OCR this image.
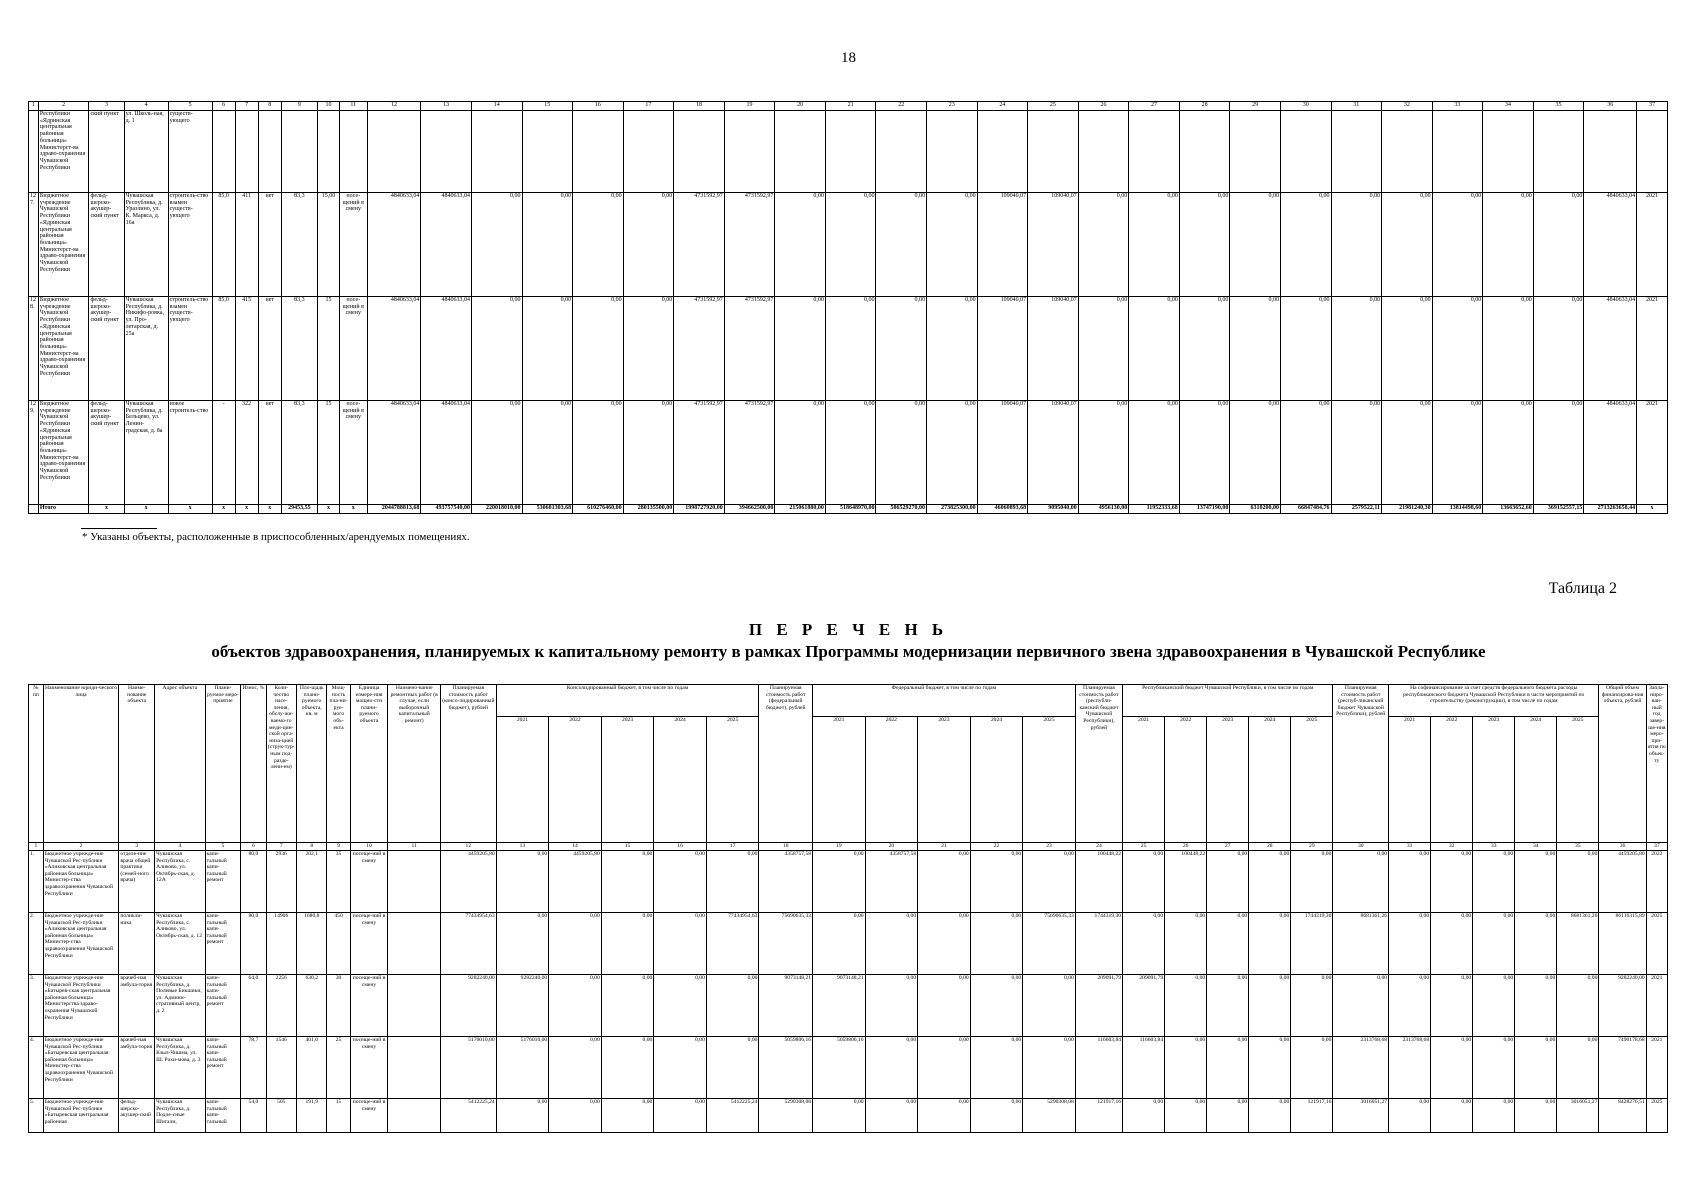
18
1	2	3	4	5	6	7	8	9	10	11	12	13	14	15	16	17	18	19	20	21	22	23	24	25	26	27	28	29	30	31	32	33	34	35	36	37
	Республики «Ядринская центральная районная больница» Министерст-ва здраво-охранения Чувашской Республики	ский пункт	ул. Школь-ная, д. 1	существ-ующего																																
127.	Бюджетное учреждение Чувашской Республики «Ядринская центральная районная больница» Министерст-ва здраво-охранения Чувашской Республики	фельд-шерско-акушер-ский пункт	Чувашская Республика, д. Уразлино, ул. К. Маркса, д. 16а	строитель-ство взамен существ-ующего	85,0	411	нет	83,3	15,00	посе-щений в смену	4840633,04	4840633,04	0,00	0,00	0,00	0,00	4731592,97	4731592,97	0,00	0,00	0,00	0,00	109040,07	109040,07	0,00	0,00	0,00	0,00	0,00	0,00	0,00	0,00	0,00	0,00	4840633,04	2021
128.	Бюджетное учреждение Чувашской Республики «Ядринская центральная районная больница» Министерст-ва здраво-охранения Чувашской Республики	фельд-шерско-акушер-ский пункт	Чувашская Республика, д. Никифо-ровка, ул. Про-летарская, д. 25а	строитель-ство взамен существ-ующего	85,0	415	нет	83,3	15	посе-щений в смену	4840633,04	4840633,04	0,00	0,00	0,00	0,00	4731592,97	4731592,97	0,00	0,00	0,00	0,00	109040,07	109040,07	0,00	0,00	0,00	0,00	0,00	0,00	0,00	0,00	0,00	0,00	4840633,04	2021
129.	Бюджетное учреждение Чувашской Республики «Ядринская центральная районная больница» Министерст-ва здраво-охранения Чувашской Республики	фельд-шерско-акушер-ский пункт	Чувашская Республика, д. Бельцево, ул. Ленин-градская, д. 8а	новое строитель-ство	-	322	нет	83,3	15	посе-щений в смену	4840633,04	4840633,04	0,00	0,00	0,00	0,00	4731592,97	4731592,97	0,00	0,00	0,00	0,00	109040,07	109040,07	0,00	0,00	0,00	0,00	0,00	0,00	0,00	0,00	0,00	0,00	4840633,04	2021
	Итого	х	х	х	х	х	х	29453,55	х	х	2044788813,68	493757540,00	220018010,00	530601303,68	610276460,00	280135500,00	1998727920,00	394662500,00	215061880,00	518648970,00	586529270,00	273825300,00	46060893,68	9095040,00	4956130,00	11952333,68	13747190,00	6310200,00	66847484,76	2579522,11	21981240,30	13814498,60	13663652,60	369152557,15	2713263658,44	х
* Указаны объекты, расположенные в приспособленных/арендуемых помещениях.
Таблица 2
П Е Р Е Ч Е Н Ь
объектов здравоохранения, планируемых к капитальному ремонту в рамках Программы модернизации первичного звена здравоохранения в Чувашской Республике
№ пп	Наименование юриди-ческого лица	Наиме-нование объекта	Адрес объекта	Плани-руемое меро-приятие	Износ, %	Коли-чество насе-ления, обслу-жи-ваемо-го меди-цин-ской орга-низа-цией (струк-тур-ным под-разде-лени-ем)	Пло-щадь плани-руемого объекта, кв. м	Мощ-ность пла-ни-руе-мого объ-екта	Единица измере-ния мощно-сти плани-руемого объекта	Наимено-вание ремонтных работ (в случае, если выборочный капитальный ремонт)	Планируемая стоимость работ (консо-лидированный бюджет), рублей	Консолидированный бюджет, в том числе по годам					Планируемая стоимость работ (федеральный бюджет), рублей	Федеральный бюджет, в том числе по годам					Планируемая стоимость работ (республи-канский бюджет Чувашской Республики), рублей	Республиканский бюджет Чувашской Республики, в том числе по годам					Планируемая стоимость работ (респуб-ликанский бюджет Чувашской Республики), рублей	На софинансирование за счет средств федерального бюджета расходы республиканского бюджета Чувашской Республики в части мероприятий по строительству (реконструкции), в том числе по годам					Общий объем финансирова-ния объекта, рублей	Запла-ниро-ван-ный год завер-ше-ния меро-при-ятия по объек-ту
												2021	2022	2023	2024	2025		2021	2022	2023	2024	2025		2021	2022	2023	2024	2025		2021	2022	2023	2024	2025		
1	2	3	4	5	6	7	8	9	10	11	12	13	14	15	16	17	18	19	20	21	22	23	24	25	26	27	28	29	30	31	32	33	34	35	36	37
1.	Бюджетное учрежде-ние Чувашской Рес-публики «Аликовская центральная районная больница» Министер-ства здравоохранения Чувашской Республики	отделе-ние врача общей практики (семей-ного врача)	Чувашская Республика, с. Аликово, ул. Октябрь-ская, д. 12А	капи-тальный капи-тальный ремонт	80,0	2936	202,1	35	посеще-ний в смену		4459205,80	0,00	4459205,80	0,00	0,00	0,00	4358757,58	0,00	4358757,58	0,00	0,00	0,00	100448,22	0,00	100448,22	0,00	0,00	0,00	0,00	0,00	0,00	0,00	0,00	0,00	4459205,80	2022
2.	Бюджетное учрежде-ние Чувашской Рес-публики «Аликовская центральная районная больница» Министер-ства здравоохранения Чувашской Республики	поликли-ника	Чувашская Республика, с. Аликово, ул. Октябрь-ская, д. 12	капи-тальный капи-тальный ремонт	80,0	14906	1680,8	450	посеще-ний в смену		77434954,63	0,00	0,00	0,00	0,00	77434954,63	75690635,33	0,00	0,00	0,00	0,00	75690635,33	1744319,30	0,00	0,00	0,00	0,00	1744319,30	8681361,26	0,00	0,00	0,00	0,00	8681361,26	86116315,89	2025
3.	Бюджетное учрежде-ние Чувашской Республики «Батырев-ская центральная районная больница» Министерства здраво-охранения Чувашской Республики	врачеб-ная амбула-тория	Чувашская Республика, д. Полевые Бикшики, ул. Админи-стративный центр, д. 2	капи-тальный капи-тальный ремонт	64,0	2256	630,2	30	посеще-ний в смену		9282240,00	9282240,00	0,00	0,00	0,00	0,00	9073148,21	9073148,21	0,00	0,00	0,00	0,00	209091,79	209091,79	0,00	0,00	0,00	0,00	0,00	0,00	0,00	0,00	0,00	0,00	9282240,00	2021
4.	Бюджетное учрежде-ние Чувашской Рес-публики «Батыревская центральная районная больница» Министер-ства здравоохранения Чувашской Республики	врачеб-ная амбула-тория	Чувашская Республика, д. Кзыл-Чишма, ул. Ш. Рахи-мова, д. 3	капи-тальный капи-тальный ремонт	78,7	1546	401,0	25	посеще-ний в смену		5176010,00	5176010,00	0,00	0,00	0,00	0,00	5059806,16	5059806,16	0,00	0,00	0,00	0,00	116603,84	116603,84	0,00	0,00	0,00	0,00	2313768,68	2313768,68	0,00	0,00	0,00	0,00	7490178,68	2021
5.	Бюджетное учрежде-ние Чувашской Рес-публики «Батыревская центральная районная	фельд-шерско-акушер-ский	Чувашская Республика, д. Подле-сные Шигали,	капи-тальный капи-тальный	54,0	505	191,9	15	посеще-ний в смену		5412225,24	0,00	0,00	0,00	0,00	5412225,24	5290308,08	0,00	0,00	0,00	0,00	5290308,08	121917,16	0,00	0,00	0,00	0,00	121917,16	3016051,27	0,00	0,00	0,00	0,00	3016051,27	8428276,51	2025
